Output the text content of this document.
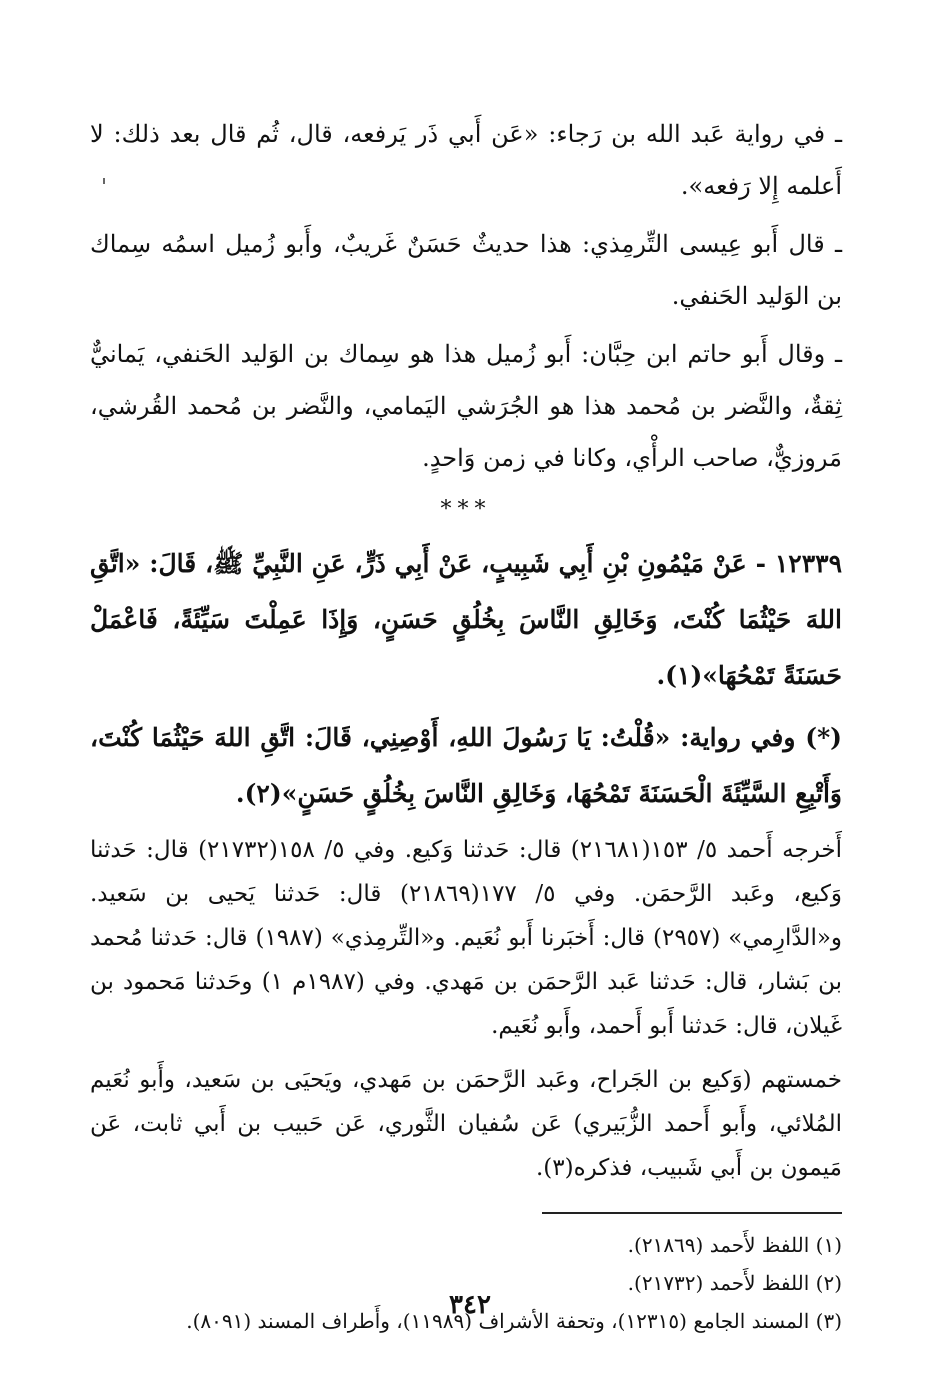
ـ في رواية عَبد الله بن رَجاء: «عَن أَبي ذَر يَرفعه، قال، ثُم قال بعد ذلك: لا أَعلمه إِلا رَفعه».

ـ قال أَبو عِيسى التِّرمِذي: هذا حديثٌ حَسَنٌ غَريبٌ، وأَبو زُميل اسمُه سِماك بن الوَليد الحَنفي.

ـ وقال أَبو حاتم ابن حِبَّان: أَبو زُميل هذا هو سِماك بن الوَليد الحَنفي، يَمانيٌّ ثِقةٌ، والنَّضر بن مُحمد هذا هو الجُرَشي اليَمامي، والنَّضر بن مُحمد القُرشي، مَروزيٌّ، صاحب الرأْي، وكانا في زمن وَاحدٍ.

***

١٢٣٣٩ - عَنْ مَيْمُونِ بْنِ أَبِي شَبِيبٍ، عَنْ أَبِي ذَرٍّ، عَنِ النَّبِيِّ ﷺ، قَالَ: «اتَّقِ اللهَ حَيْثُمَا كُنْتَ، وَخَالِقِ النَّاسَ بِخُلُقٍ حَسَنٍ، وَإِذَا عَمِلْتَ سَيِّئَةً، فَاعْمَلْ حَسَنَةً تَمْحُهَا»(١).

(*) وفي رواية: «قُلْتُ: يَا رَسُولَ اللهِ، أَوْصِنِي، قَالَ: اتَّقِ اللهَ حَيْثُمَا كُنْتَ، وَأَتْبِعِ السَّيِّئَةَ الْحَسَنَةَ تَمْحُهَا، وَخَالِقِ النَّاسَ بِخُلُقٍ حَسَنٍ»(٢).

أَخرجه أَحمد ٥/ ١٥٣(٢١٦٨١) قال: حَدثنا وَكيع. وفي ٥/ ١٥٨(٢١٧٣٢) قال: حَدثنا وَكيع، وعَبد الرَّحمَن. وفي ٥/ ١٧٧(٢١٨٦٩) قال: حَدثنا يَحيى بن سَعيد. و«الدَّارِمي» (٢٩٥٧) قال: أَخبَرنا أَبو نُعَيم. و«التِّرمِذي» (١٩٨٧) قال: حَدثنا مُحمد بن بَشار، قال: حَدثنا عَبد الرَّحمَن بن مَهدي. وفي (١٩٨٧م ١) وحَدثنا مَحمود بن غَيلان، قال: حَدثنا أَبو أَحمد، وأَبو نُعَيم.

خمستهم (وَكيع بن الجَراح، وعَبد الرَّحمَن بن مَهدي، ويَحيَى بن سَعيد، وأَبو نُعَيم المُلائي، وأَبو أَحمد الزُّبَيري) عَن سُفيان الثَّوري، عَن حَبيب بن أَبي ثابت، عَن مَيمون بن أَبي شَبيب، فذكره(٣).

(١) اللفظ لأَحمد (٢١٨٦٩).

(٢) اللفظ لأَحمد (٢١٧٣٢).

(٣) المسند الجامع (١٢٣١٥)، وتحفة الأشراف (١١٩٨٩)، وأَطراف المسند (٨٠٩١).

٣٤٢
